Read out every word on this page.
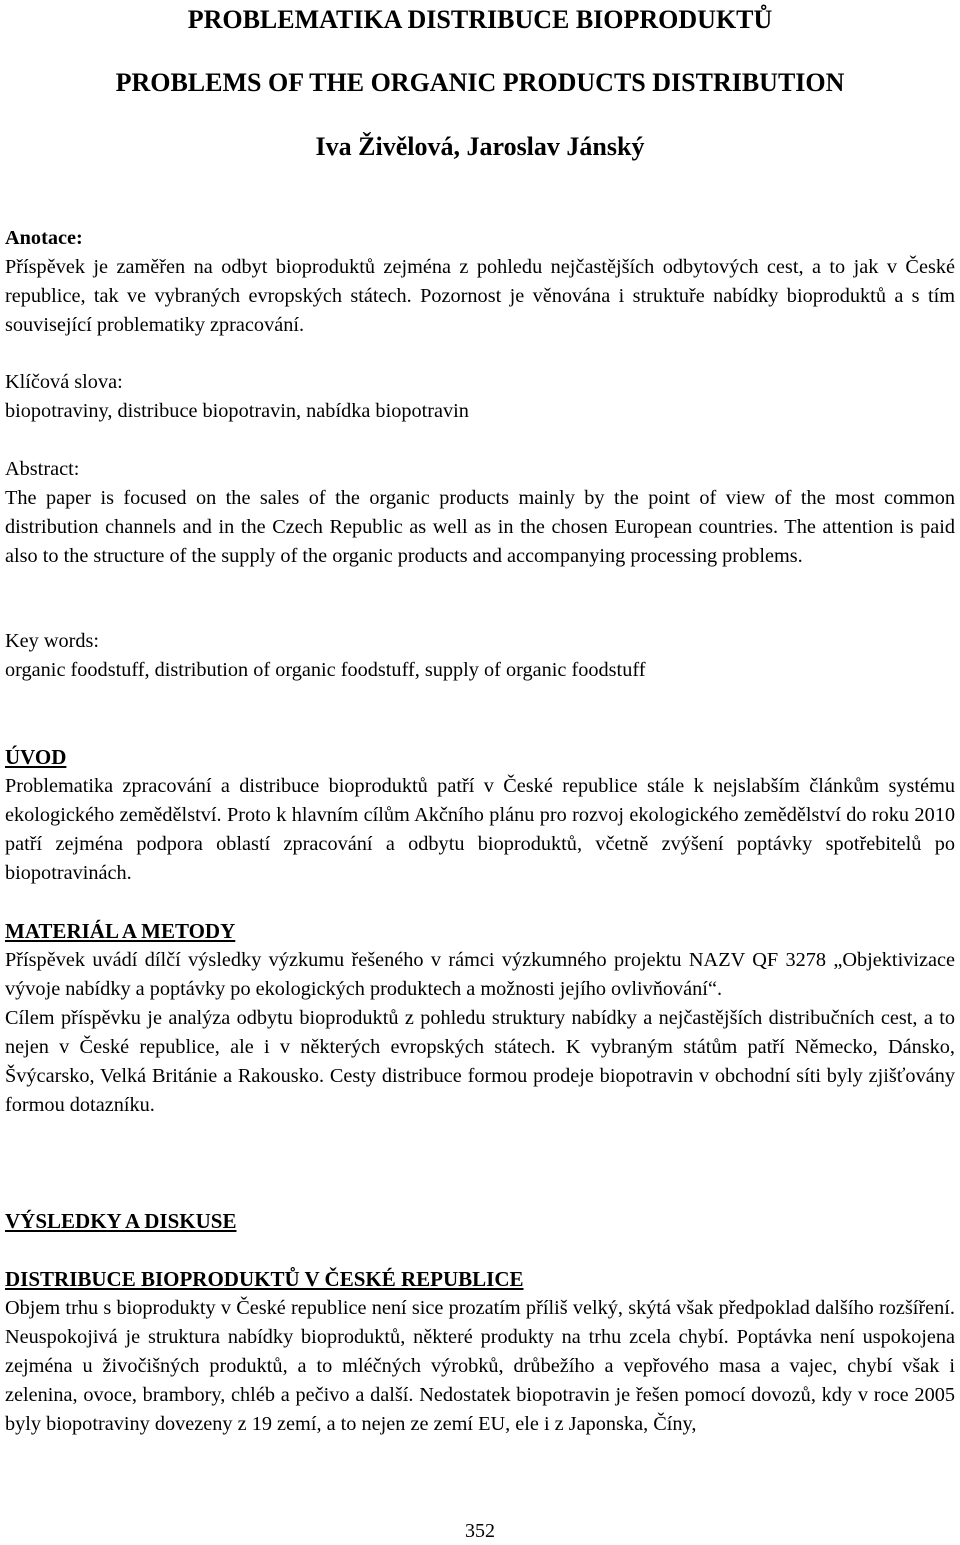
PROBLEMATIKA DISTRIBUCE BIOPRODUKTŮ
PROBLEMS OF THE ORGANIC PRODUCTS DISTRIBUTION
Iva Živělová, Jaroslav Jánský
Anotace:

Příspěvek je zaměřen na odbyt bioproduktů zejména z pohledu nejčastějších odbytových cest, a to jak v České republice, tak ve vybraných evropských státech. Pozornost je věnována i struktuře nabídky bioproduktů a s tím související problematiky zpracování.

Klíčová slova:

biopotraviny, distribuce biopotravin, nabídka biopotravin

Abstract:

The paper is focused on the sales of the organic products mainly by the point of view of the most common distribution channels and in the Czech Republic as well as in the chosen European countries. The attention is paid also to the structure of the supply of the organic products and accompanying processing problems.

Key words:

organic foodstuff, distribution of organic foodstuff, supply of organic foodstuff

ÚVOD

Problematika zpracování a distribuce bioproduktů patří v České republice stále k nejslabším článkům systému ekologického zemědělství. Proto k hlavním cílům Akčního plánu pro rozvoj ekologického zemědělství do roku 2010 patří zejména podpora oblastí zpracování a odbytu bioproduktů, včetně zvýšení poptávky spotřebitelů po biopotravinách.

MATERIÁL A METODY

Příspěvek uvádí dílčí výsledky výzkumu řešeného v rámci výzkumného projektu NAZV QF 3278 „Objektivizace vývoje nabídky a poptávky po ekologických produktech a možnosti jejího ovlivňování“.

Cílem příspěvku je analýza odbytu bioproduktů z pohledu struktury nabídky a nejčastějších distribučních cest, a to nejen v České republice, ale i v některých evropských státech. K vybraným státům patří Německo, Dánsko, Švýcarsko, Velká Británie a Rakousko. Cesty distribuce formou prodeje biopotravin v obchodní síti byly zjišťovány formou dotazníku.

VÝSLEDKY A DISKUSE
DISTRIBUCE BIOPRODUKTŮ V ČESKÉ REPUBLICE

Objem trhu s bioprodukty v České republice není sice prozatím příliš velký, skýtá však předpoklad dalšího rozšíření. Neuspokojivá je struktura nabídky bioproduktů, některé produkty na trhu zcela chybí. Poptávka není uspokojena zejména u živočišných produktů, a to mléčných výrobků, drůbežího a vepřového masa a vajec, chybí však i zelenina, ovoce, brambory, chléb a pečivo a další. Nedostatek biopotravin je řešen pomocí dovozů, kdy v roce 2005 byly biopotraviny dovezeny z 19 zemí, a to nejen ze zemí EU, ele i z Japonska, Číny,

352
